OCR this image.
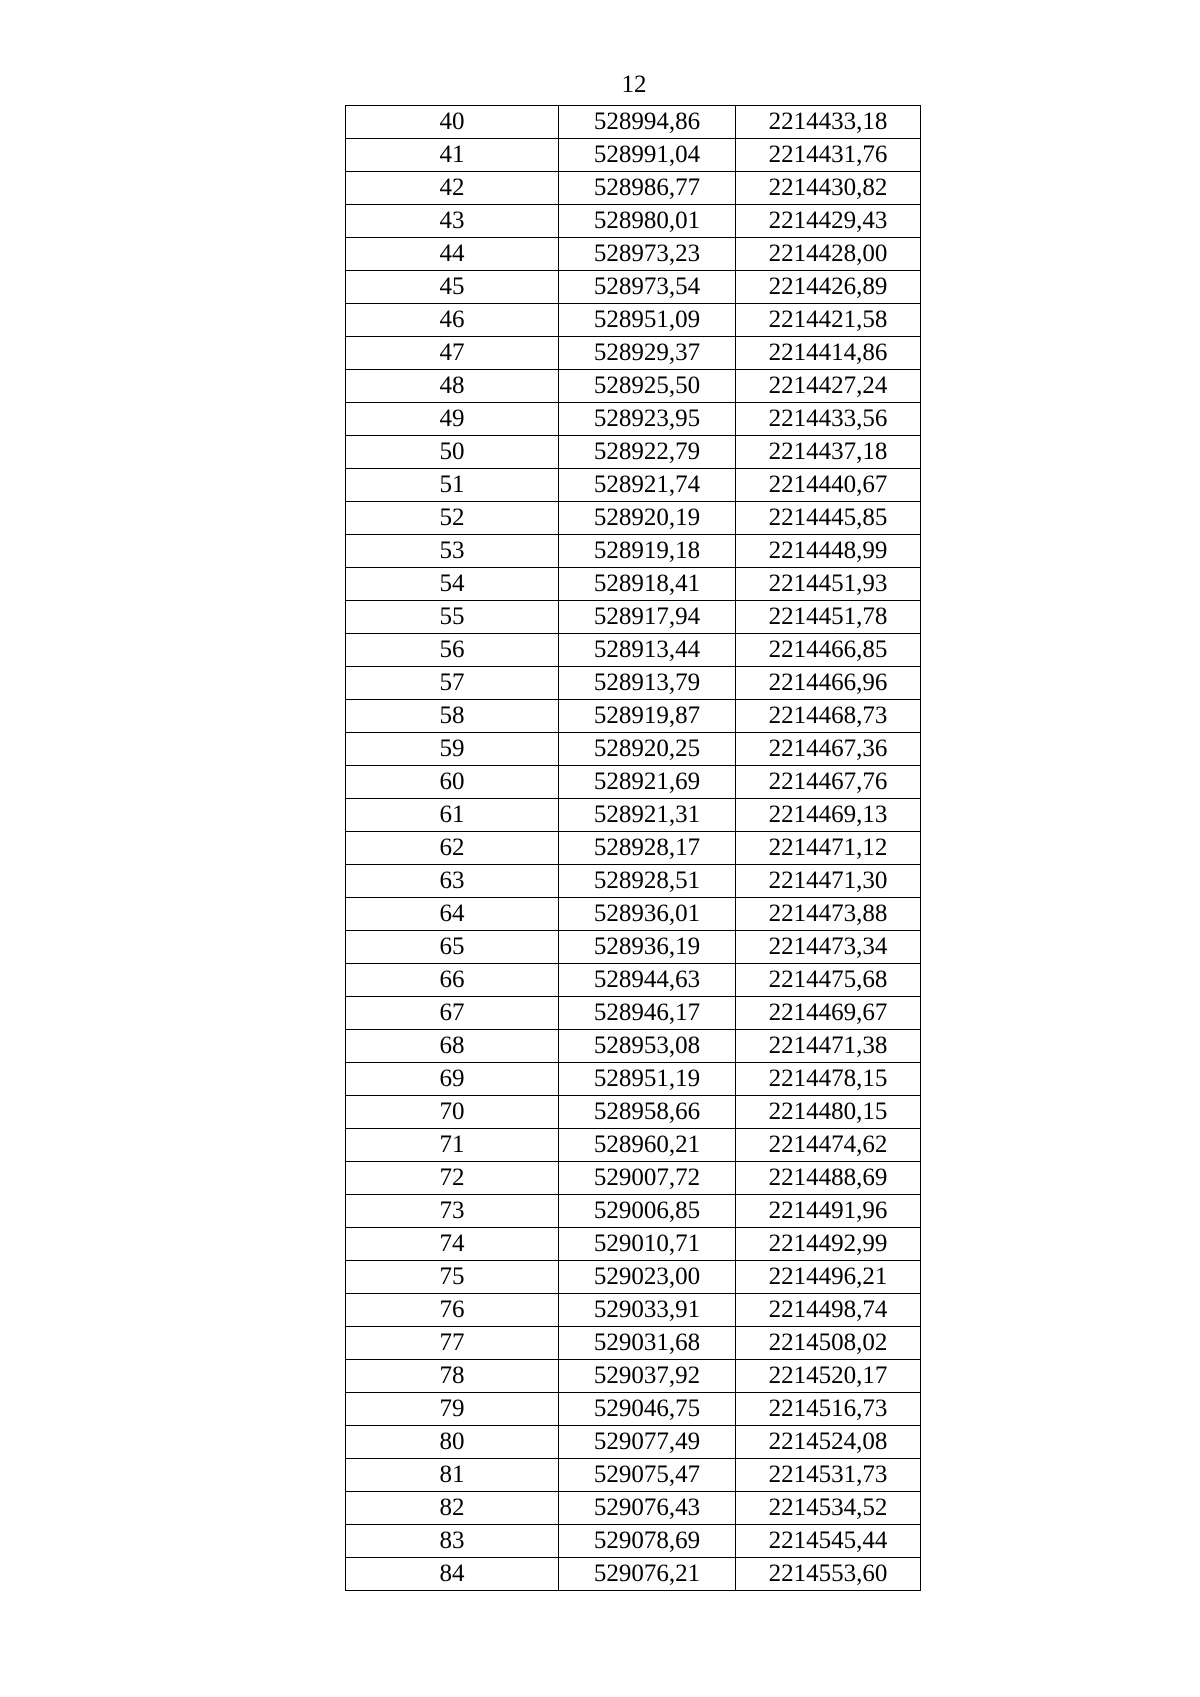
12
40	528994,86	2214433,18
41	528991,04	2214431,76
42	528986,77	2214430,82
43	528980,01	2214429,43
44	528973,23	2214428,00
45	528973,54	2214426,89
46	528951,09	2214421,58
47	528929,37	2214414,86
48	528925,50	2214427,24
49	528923,95	2214433,56
50	528922,79	2214437,18
51	528921,74	2214440,67
52	528920,19	2214445,85
53	528919,18	2214448,99
54	528918,41	2214451,93
55	528917,94	2214451,78
56	528913,44	2214466,85
57	528913,79	2214466,96
58	528919,87	2214468,73
59	528920,25	2214467,36
60	528921,69	2214467,76
61	528921,31	2214469,13
62	528928,17	2214471,12
63	528928,51	2214471,30
64	528936,01	2214473,88
65	528936,19	2214473,34
66	528944,63	2214475,68
67	528946,17	2214469,67
68	528953,08	2214471,38
69	528951,19	2214478,15
70	528958,66	2214480,15
71	528960,21	2214474,62
72	529007,72	2214488,69
73	529006,85	2214491,96
74	529010,71	2214492,99
75	529023,00	2214496,21
76	529033,91	2214498,74
77	529031,68	2214508,02
78	529037,92	2214520,17
79	529046,75	2214516,73
80	529077,49	2214524,08
81	529075,47	2214531,73
82	529076,43	2214534,52
83	529078,69	2214545,44
84	529076,21	2214553,60
